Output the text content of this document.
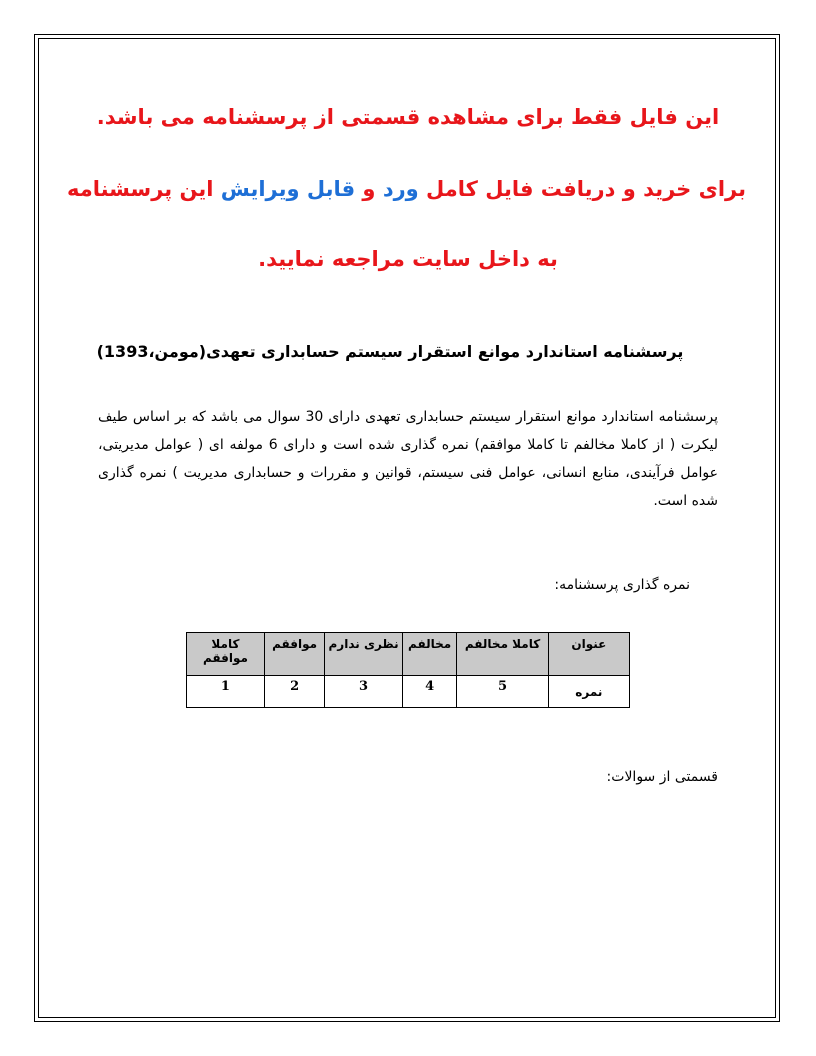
این فایل فقط برای مشاهده قسمتی از پرسشنامه می باشد.
برای خرید و دریافت فایل کامل ورد و قابل ویرایش این پرسشنامه
به داخل سایت مراجعه نمایید.
پرسشنامه استاندارد موانع استقرار سیستم حسابداری تعهدی(مومن،1393)
پرسشنامه استاندارد موانع استقرار سیستم حسابداری تعهدی دارای 30 سوال می باشد که بر اساس طیف لیکرت ( از کاملا مخالفم تا کاملا موافقم) نمره گذاری شده است و دارای 6 مولفه ای ( عوامل مدیریتی، عوامل فرآیندی، منابع انسانی، عوامل فنی سیستم، قوانین و مقررات و حسابداری مدیریت ) نمره گذاری شده است.
نمره گذاری پرسشنامه:
عنوان	کاملا مخالفم	مخالفم	نظری ندارم	موافقم	کاملا موافقم
نمره	5	4	3	2	1
قسمتی از سوالات:
